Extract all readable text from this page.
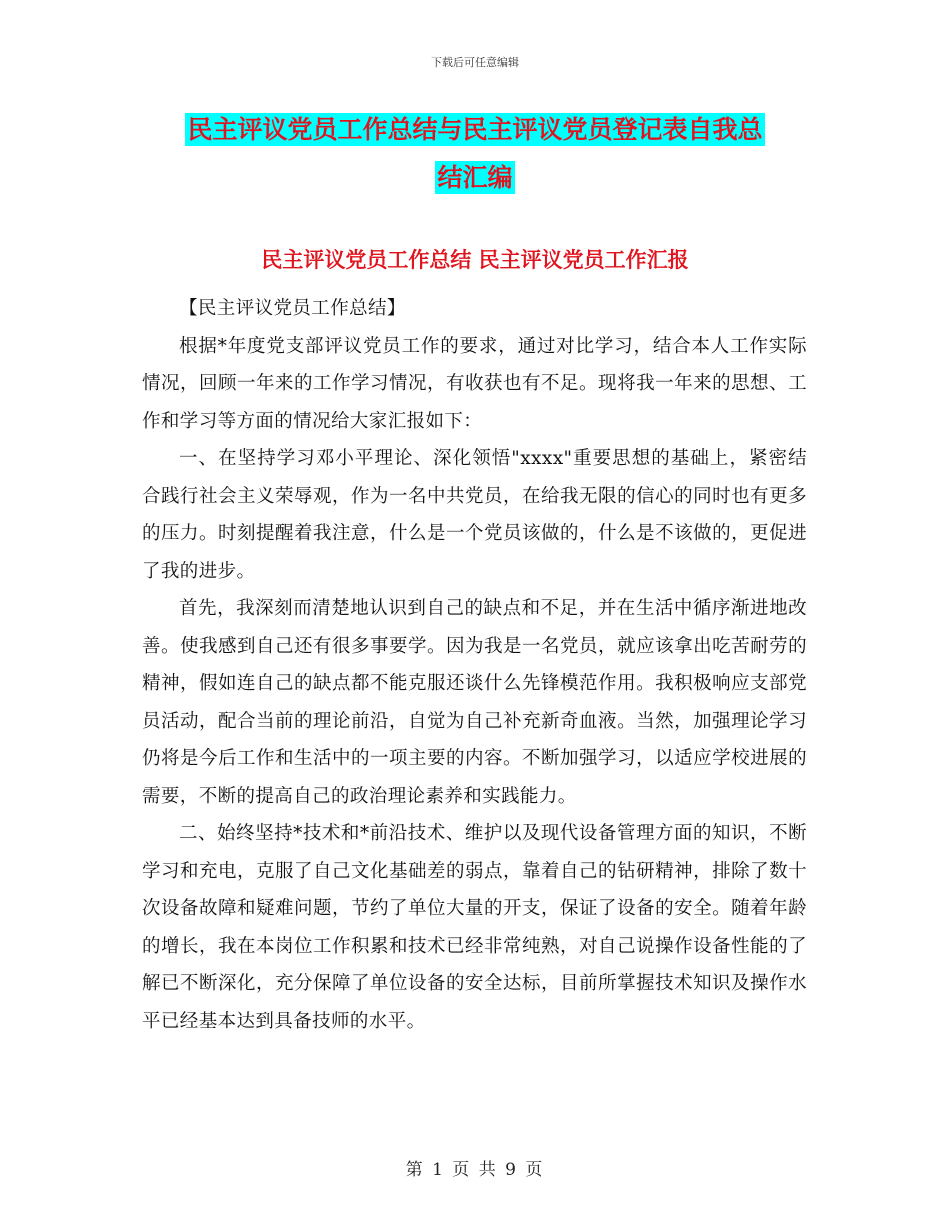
下载后可任意编辑
民主评议党员工作总结与民主评议党员登记表自我总
结汇编
民主评议党员工作总结 民主评议党员工作汇报

【民主评议党员工作总结】

根据*年度党支部评议党员工作的要求，通过对比学习，结合本人工作实际情况，回顾一年来的工作学习情况，有收获也有不足。现将我一年来的思想、工作和学习等方面的情况给大家汇报如下：

一、在坚持学习邓小平理论、深化领悟"xxxx"重要思想的基础上，紧密结合践行社会主义荣辱观，作为一名中共党员，在给我无限的信心的同时也有更多的压力。时刻提醒着我注意，什么是一个党员该做的，什么是不该做的，更促进了我的进步。

首先，我深刻而清楚地认识到自己的缺点和不足，并在生活中循序渐进地改善。使我感到自己还有很多事要学。因为我是一名党员，就应该拿出吃苦耐劳的精神，假如连自己的缺点都不能克服还谈什么先锋模范作用。我积极响应支部党员活动，配合当前的理论前沿，自觉为自己补充新奇血液。当然，加强理论学习仍将是今后工作和生活中的一项主要的内容。不断加强学习，以适应学校进展的需要，不断的提高自己的政治理论素养和实践能力。

二、始终坚持*技术和*前沿技术、维护以及现代设备管理方面的知识，不断学习和充电，克服了自己文化基础差的弱点，靠着自己的钻研精神，排除了数十次设备故障和疑难问题，节约了单位大量的开支，保证了设备的安全。随着年龄的增长，我在本岗位工作积累和技术已经非常纯熟，对自己说操作设备性能的了解已不断深化，充分保障了单位设备的安全达标，目前所掌握技术知识及操作水平已经基本达到具备技师的水平。

第 1 页 共 9 页
